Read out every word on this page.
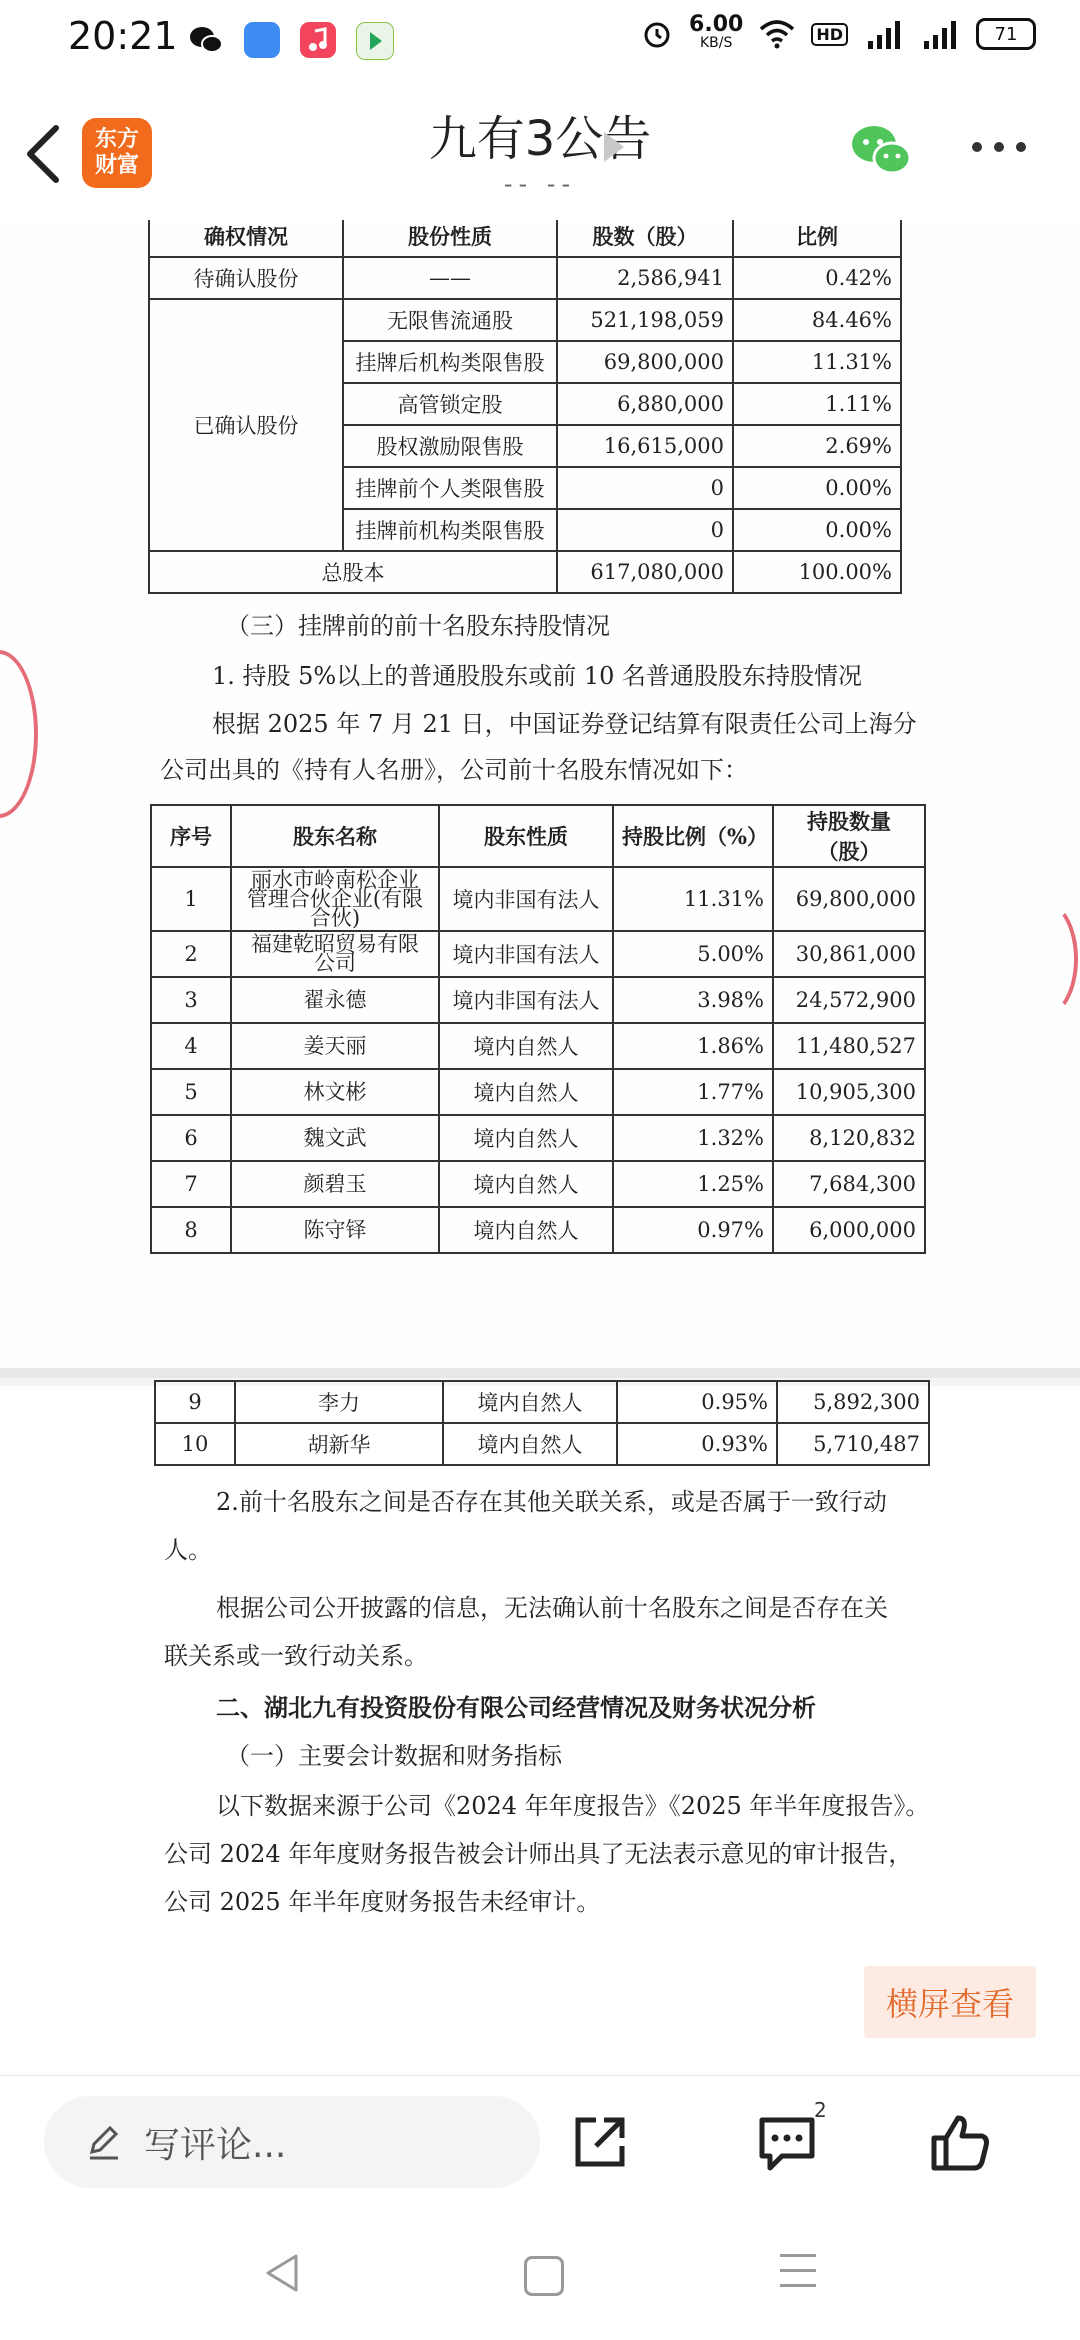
20:21	6.00
KB/S	HD	71
东方
财富	九有3公告
-- --
确权情况	股份性质	股数（股）	比例
待确认股份	——	2,586,941	0.42%
已确认股份	无限售流通股	521,198,059	84.46%
	挂牌后机构类限售股	69,800,000	11.31%
	高管锁定股	6,880,000	1.11%
	股权激励限售股	16,615,000	2.69%
	挂牌前个人类限售股	0	0.00%
	挂牌前机构类限售股	0	0.00%
总股本		617,080,000	100.00%
（三）挂牌前的前十名股东持股情况
1. 持股 5%以上的普通股股东或前 10 名普通股股东持股情况
根据 2025 年 7 月 21 日，中国证券登记结算有限责任公司上海分
公司出具的《持有人名册》，公司前十名股东情况如下：
序号	股东名称	股东性质	持股比例（%）	持股数量（股）
1	丽水市岭南松企业
管理合伙企业(有限
合伙)	境内非国有法人	11.31%	69,800,000
2	福建乾昭贸易有限
公司	境内非国有法人	5.00%	30,861,000
3	翟永德	境内非国有法人	3.98%	24,572,900
4	姜天丽	境内自然人	1.86%	11,480,527
5	林文彬	境内自然人	1.77%	10,905,300
6	魏文武	境内自然人	1.32%	8,120,832
7	颜碧玉	境内自然人	1.25%	7,684,300
8	陈守铎	境内自然人	0.97%	6,000,000
9	李力	境内自然人	0.95%	5,892,300
10	胡新华	境内自然人	0.93%	5,710,487
2.前十名股东之间是否存在其他关联关系，或是否属于一致行动
人。
根据公司公开披露的信息，无法确认前十名股东之间是否存在关
联关系或一致行动关系。
二、湖北九有投资股份有限公司经营情况及财务状况分析
（一）主要会计数据和财务指标
以下数据来源于公司《2024 年年度报告》《2025 年半年度报告》。
公司 2024 年年度财务报告被会计师出具了无法表示意见的审计报告，
公司 2025 年半年度财务报告未经审计。
横屏查看
写评论...
2
